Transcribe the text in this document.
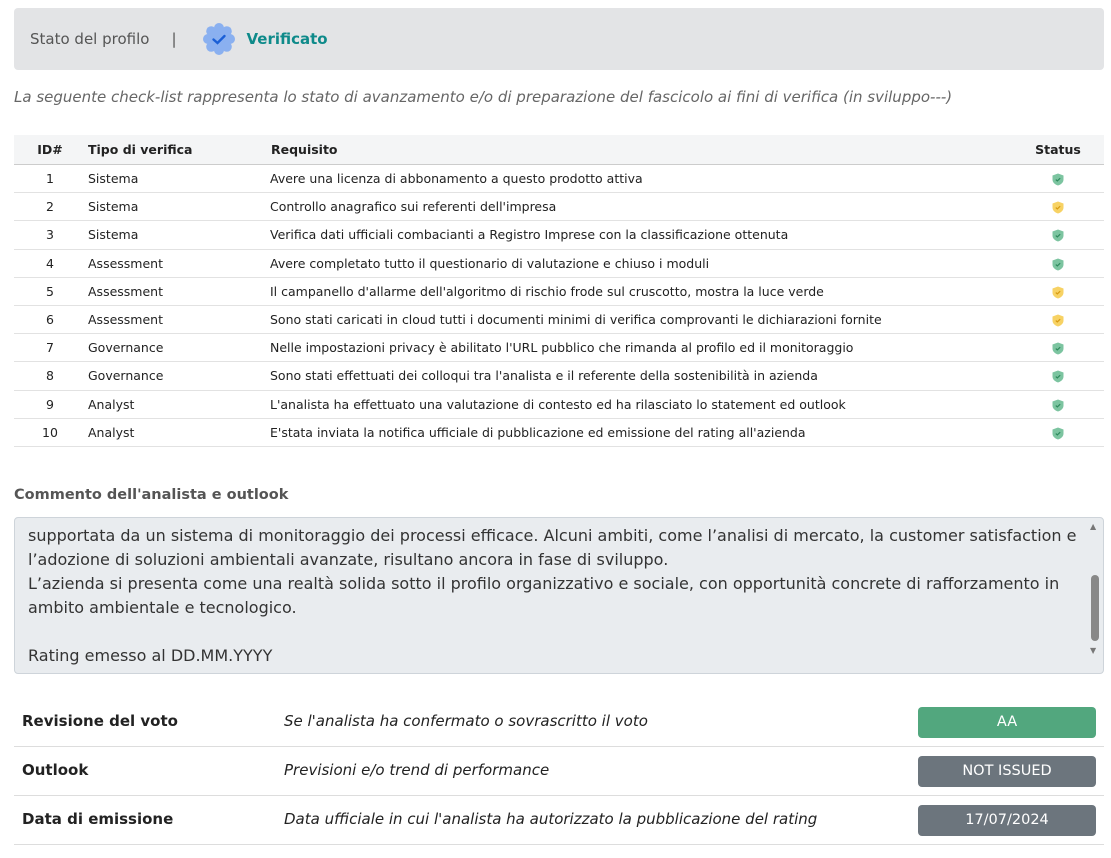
Stato del profilo |	Verificato
La seguente check-list rappresenta lo stato di avanzamento e/o di preparazione del fascicolo ai fini di verifica (in sviluppo---)
ID#	Tipo di verifica	Requisito	Status
1	Sistema	Avere una licenza di abbonamento a questo prodotto attiva	
2	Sistema	Controllo anagrafico sui referenti dell'impresa	
3	Sistema	Verifica dati ufficiali combacianti a Registro Imprese con la classificazione ottenuta	
4	Assessment	Avere completato tutto il questionario di valutazione e chiuso i moduli	
5	Assessment	Il campanello d'allarme dell'algoritmo di rischio frode sul cruscotto, mostra la luce verde	
6	Assessment	Sono stati caricati in cloud tutti i documenti minimi di verifica comprovanti le dichiarazioni fornite	
7	Governance	Nelle impostazioni privacy è abilitato l'URL pubblico che rimanda al profilo ed il monitoraggio	
8	Governance	Sono stati effettuati dei colloqui tra l'analista e il referente della sostenibilità in azienda	
9	Analyst	L'analista ha effettuato una valutazione di contesto ed ha rilasciato lo statement ed outlook	
10	Analyst	E'stata inviata la notifica ufficiale di pubblicazione ed emissione del rating all'azienda	
Commento dell'analista e outlook
supportata da un sistema di monitoraggio dei processi efficace. Alcuni ambiti, come l’analisi di mercato, la customer satisfaction e
l’adozione di soluzioni ambientali avanzate, risultano ancora in fase di sviluppo.
L’azienda si presenta come una realtà solida sotto il profilo organizzativo e sociale, con opportunità concrete di rafforzamento in
ambito ambientale e tecnologico.
Rating emesso al DD.MM.YYYY
▲
▼
Revisione del voto	Se l'analista ha confermato o sovrascritto il voto	AA
Outlook	Previsioni e/o trend di performance	NOT ISSUED
Data di emissione	Data ufficiale in cui l'analista ha autorizzato la pubblicazione del rating	17/07/2024
